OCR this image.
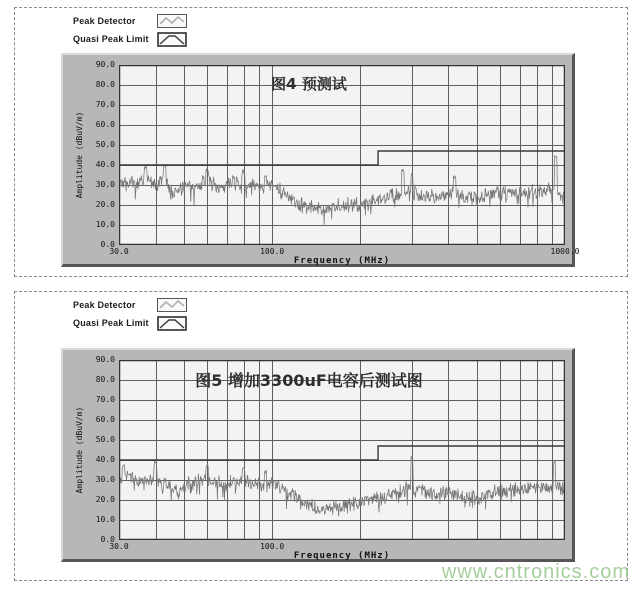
Peak Detector
Quasi Peak Limit
Amplitude (dBuV/m)
图4 预测试
Frequency (MHz)
90.0
80.0
70.0
60.0
50.0
40.0
30.0
20.0
10.0
0.0
30.0	100.0	1000.0
Peak Detector
Quasi Peak Limit
Amplitude (dBuV/m)
图5 增加3300uF电容后测试图
Frequency (MHz)
90.0
80.0
70.0
60.0
50.0
40.0
30.0
20.0
10.0
0.0
30.0	100.0
www.cntronics.com
